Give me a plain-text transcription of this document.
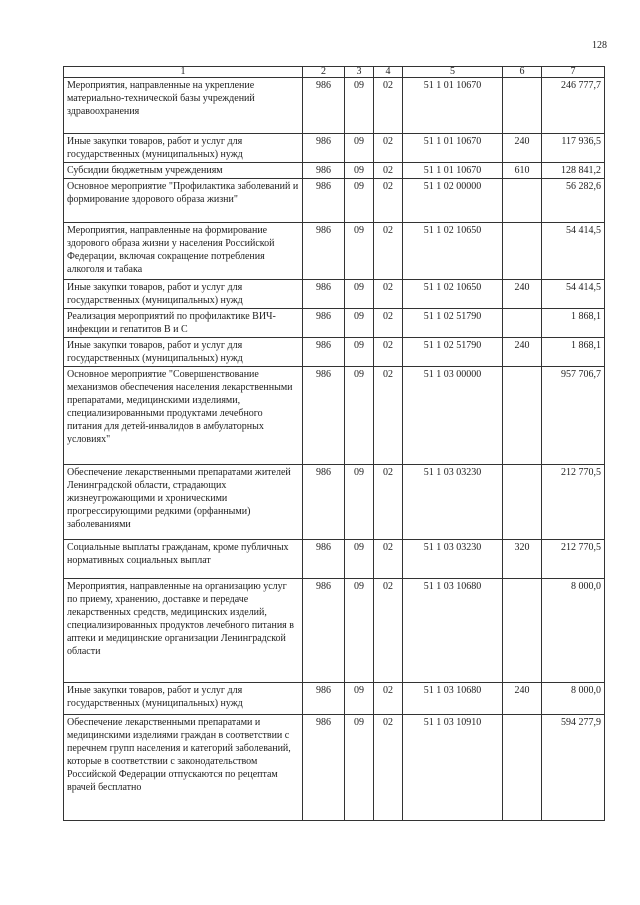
128
1	2	3	4	5	6	7
Мероприятия, направленные на укрепление материально-технической базы учреждений здравоохранения	986	09	02	51 1 01 10670		246 777,7
Иные закупки товаров, работ и услуг для государственных (муниципальных) нужд	986	09	02	51 1 01 10670	240	117 936,5
Субсидии бюджетным учреждениям	986	09	02	51 1 01 10670	610	128 841,2
Основное мероприятие "Профилактика заболеваний и формирование здорового образа жизни"	986	09	02	51 1 02 00000		56 282,6
Мероприятия, направленные на формирование здорового образа жизни у населения Российской Федерации, включая сокращение потребления алкоголя и табака	986	09	02	51 1 02 10650		54 414,5
Иные закупки товаров, работ и услуг для государственных (муниципальных) нужд	986	09	02	51 1 02 10650	240	54 414,5
Реализация мероприятий по профилактике ВИЧ-инфекции и гепатитов В и С	986	09	02	51 1 02 51790		1 868,1
Иные закупки товаров, работ и услуг для государственных (муниципальных) нужд	986	09	02	51 1 02 51790	240	1 868,1
Основное мероприятие "Совершенствование механизмов обеспечения населения лекарственными препаратами, медицинскими изделиями, специализированными продуктами лечебного питания для детей-инвалидов в амбулаторных условиях"	986	09	02	51 1 03 00000		957 706,7
Обеспечение лекарственными препаратами жителей Ленинградской области, страдающих жизнеугрожающими и хроническими прогрессирующими редкими (орфанными) заболеваниями	986	09	02	51 1 03 03230		212 770,5
Социальные выплаты гражданам, кроме публичных нормативных социальных выплат	986	09	02	51 1 03 03230	320	212 770,5
Мероприятия, направленные на организацию услуг по приему, хранению, доставке и передаче лекарственных средств, медицинских изделий, специализированных продуктов лечебного питания в аптеки и медицинские организации Ленинградской области	986	09	02	51 1 03 10680		8 000,0
Иные закупки товаров, работ и услуг для государственных (муниципальных) нужд	986	09	02	51 1 03 10680	240	8 000,0
Обеспечение лекарственными препаратами и медицинскими изделиями граждан в соответствии с перечнем групп населения и категорий заболеваний, которые в соответствии с законодательством Российской Федерации отпускаются по рецептам врачей бесплатно	986	09	02	51 1 03 10910		594 277,9
